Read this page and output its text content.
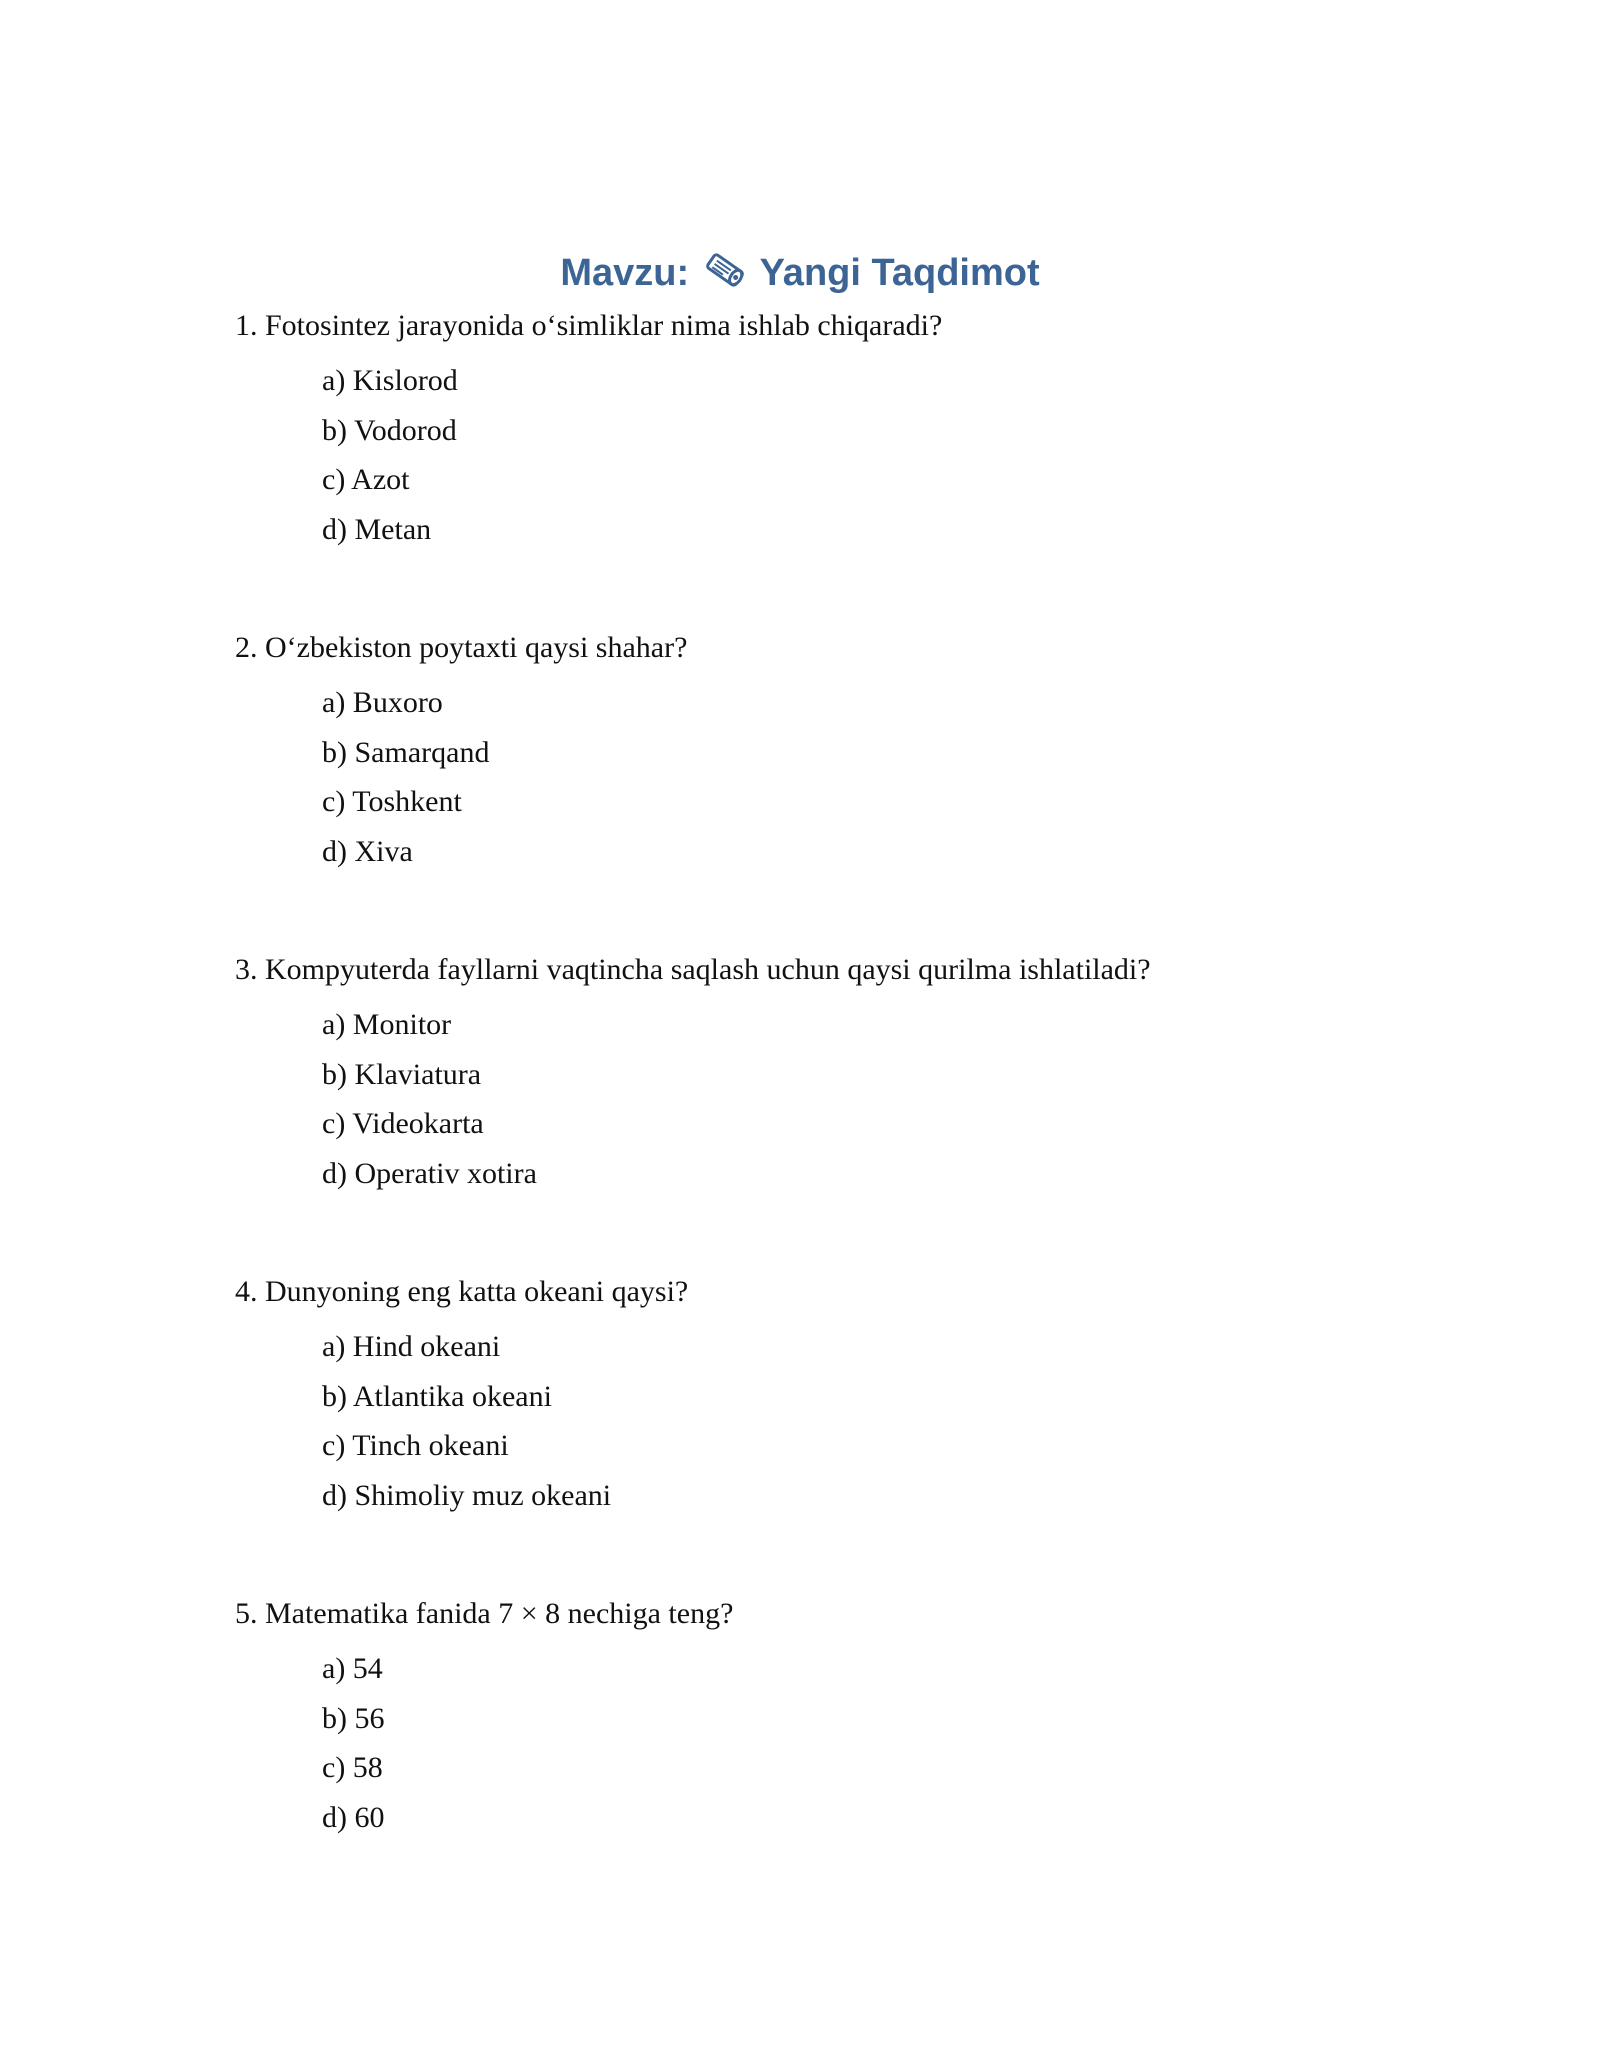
Mavzu: Yangi Taqdimot

1. Fotosintez jarayonida o‘simliklar nima ishlab chiqaradi?

a) Kislorod
b) Vodorod
c) Azot
d) Metan

2. O‘zbekiston poytaxti qaysi shahar?

a) Buxoro
b) Samarqand
c) Toshkent
d) Xiva

3. Kompyuterda fayllarni vaqtincha saqlash uchun qaysi qurilma ishlatiladi?

a) Monitor
b) Klaviatura
c) Videokarta
d) Operativ xotira

4. Dunyoning eng katta okeani qaysi?

a) Hind okeani
b) Atlantika okeani
c) Tinch okeani
d) Shimoliy muz okeani

5. Matematika fanida 7 × 8 nechiga teng?

a) 54
b) 56
c) 58
d) 60
